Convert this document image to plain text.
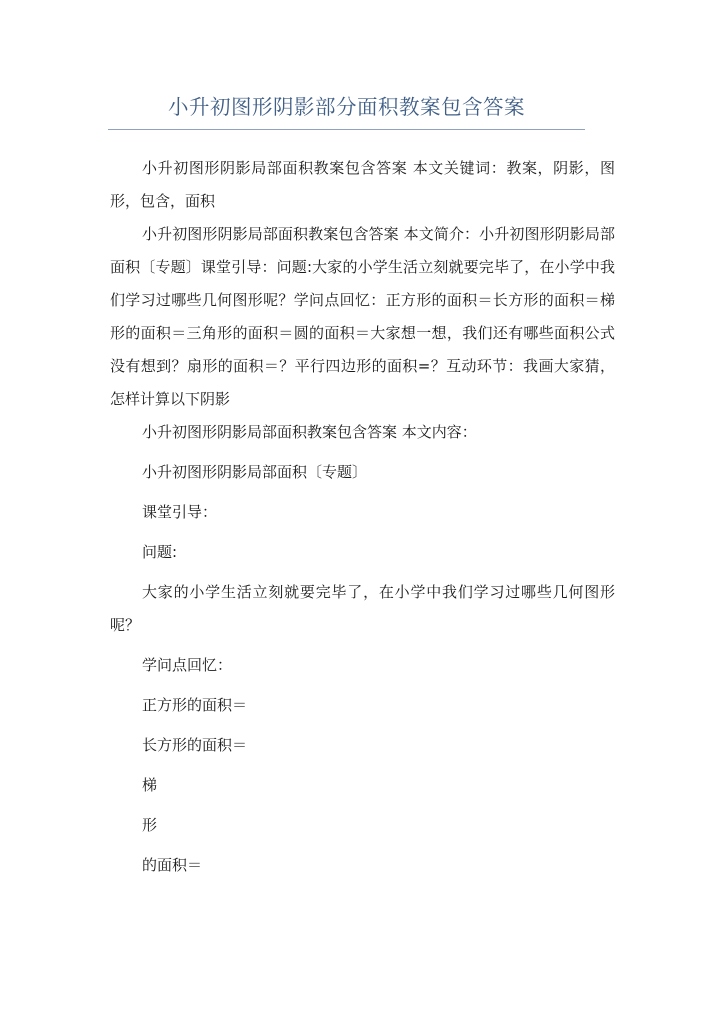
小升初图形阴影部分面积教案包含答案

小升初图形阴影局部面积教案包含答案 本文关键词：教案，阴影，图形，包含，面积

小升初图形阴影局部面积教案包含答案 本文简介：小升初图形阴影局部面积〔专题〕课堂引导：问题:大家的小学生活立刻就要完毕了，在小学中我们学习过哪些几何图形呢？学问点回忆：正方形的面积＝长方形的面积＝梯形的面积＝三角形的面积＝圆的面积＝大家想一想，我们还有哪些面积公式没有想到？扇形的面积＝？平行四边形的面积=？互动环节：我画大家猜，怎样计算以下阴影

小升初图形阴影局部面积教案包含答案 本文内容：

小升初图形阴影局部面积〔专题〕

课堂引导：

问题:

大家的小学生活立刻就要完毕了，在小学中我们学习过哪些几何图形呢？

学问点回忆：

正方形的面积＝

长方形的面积＝

梯

形

的面积＝
